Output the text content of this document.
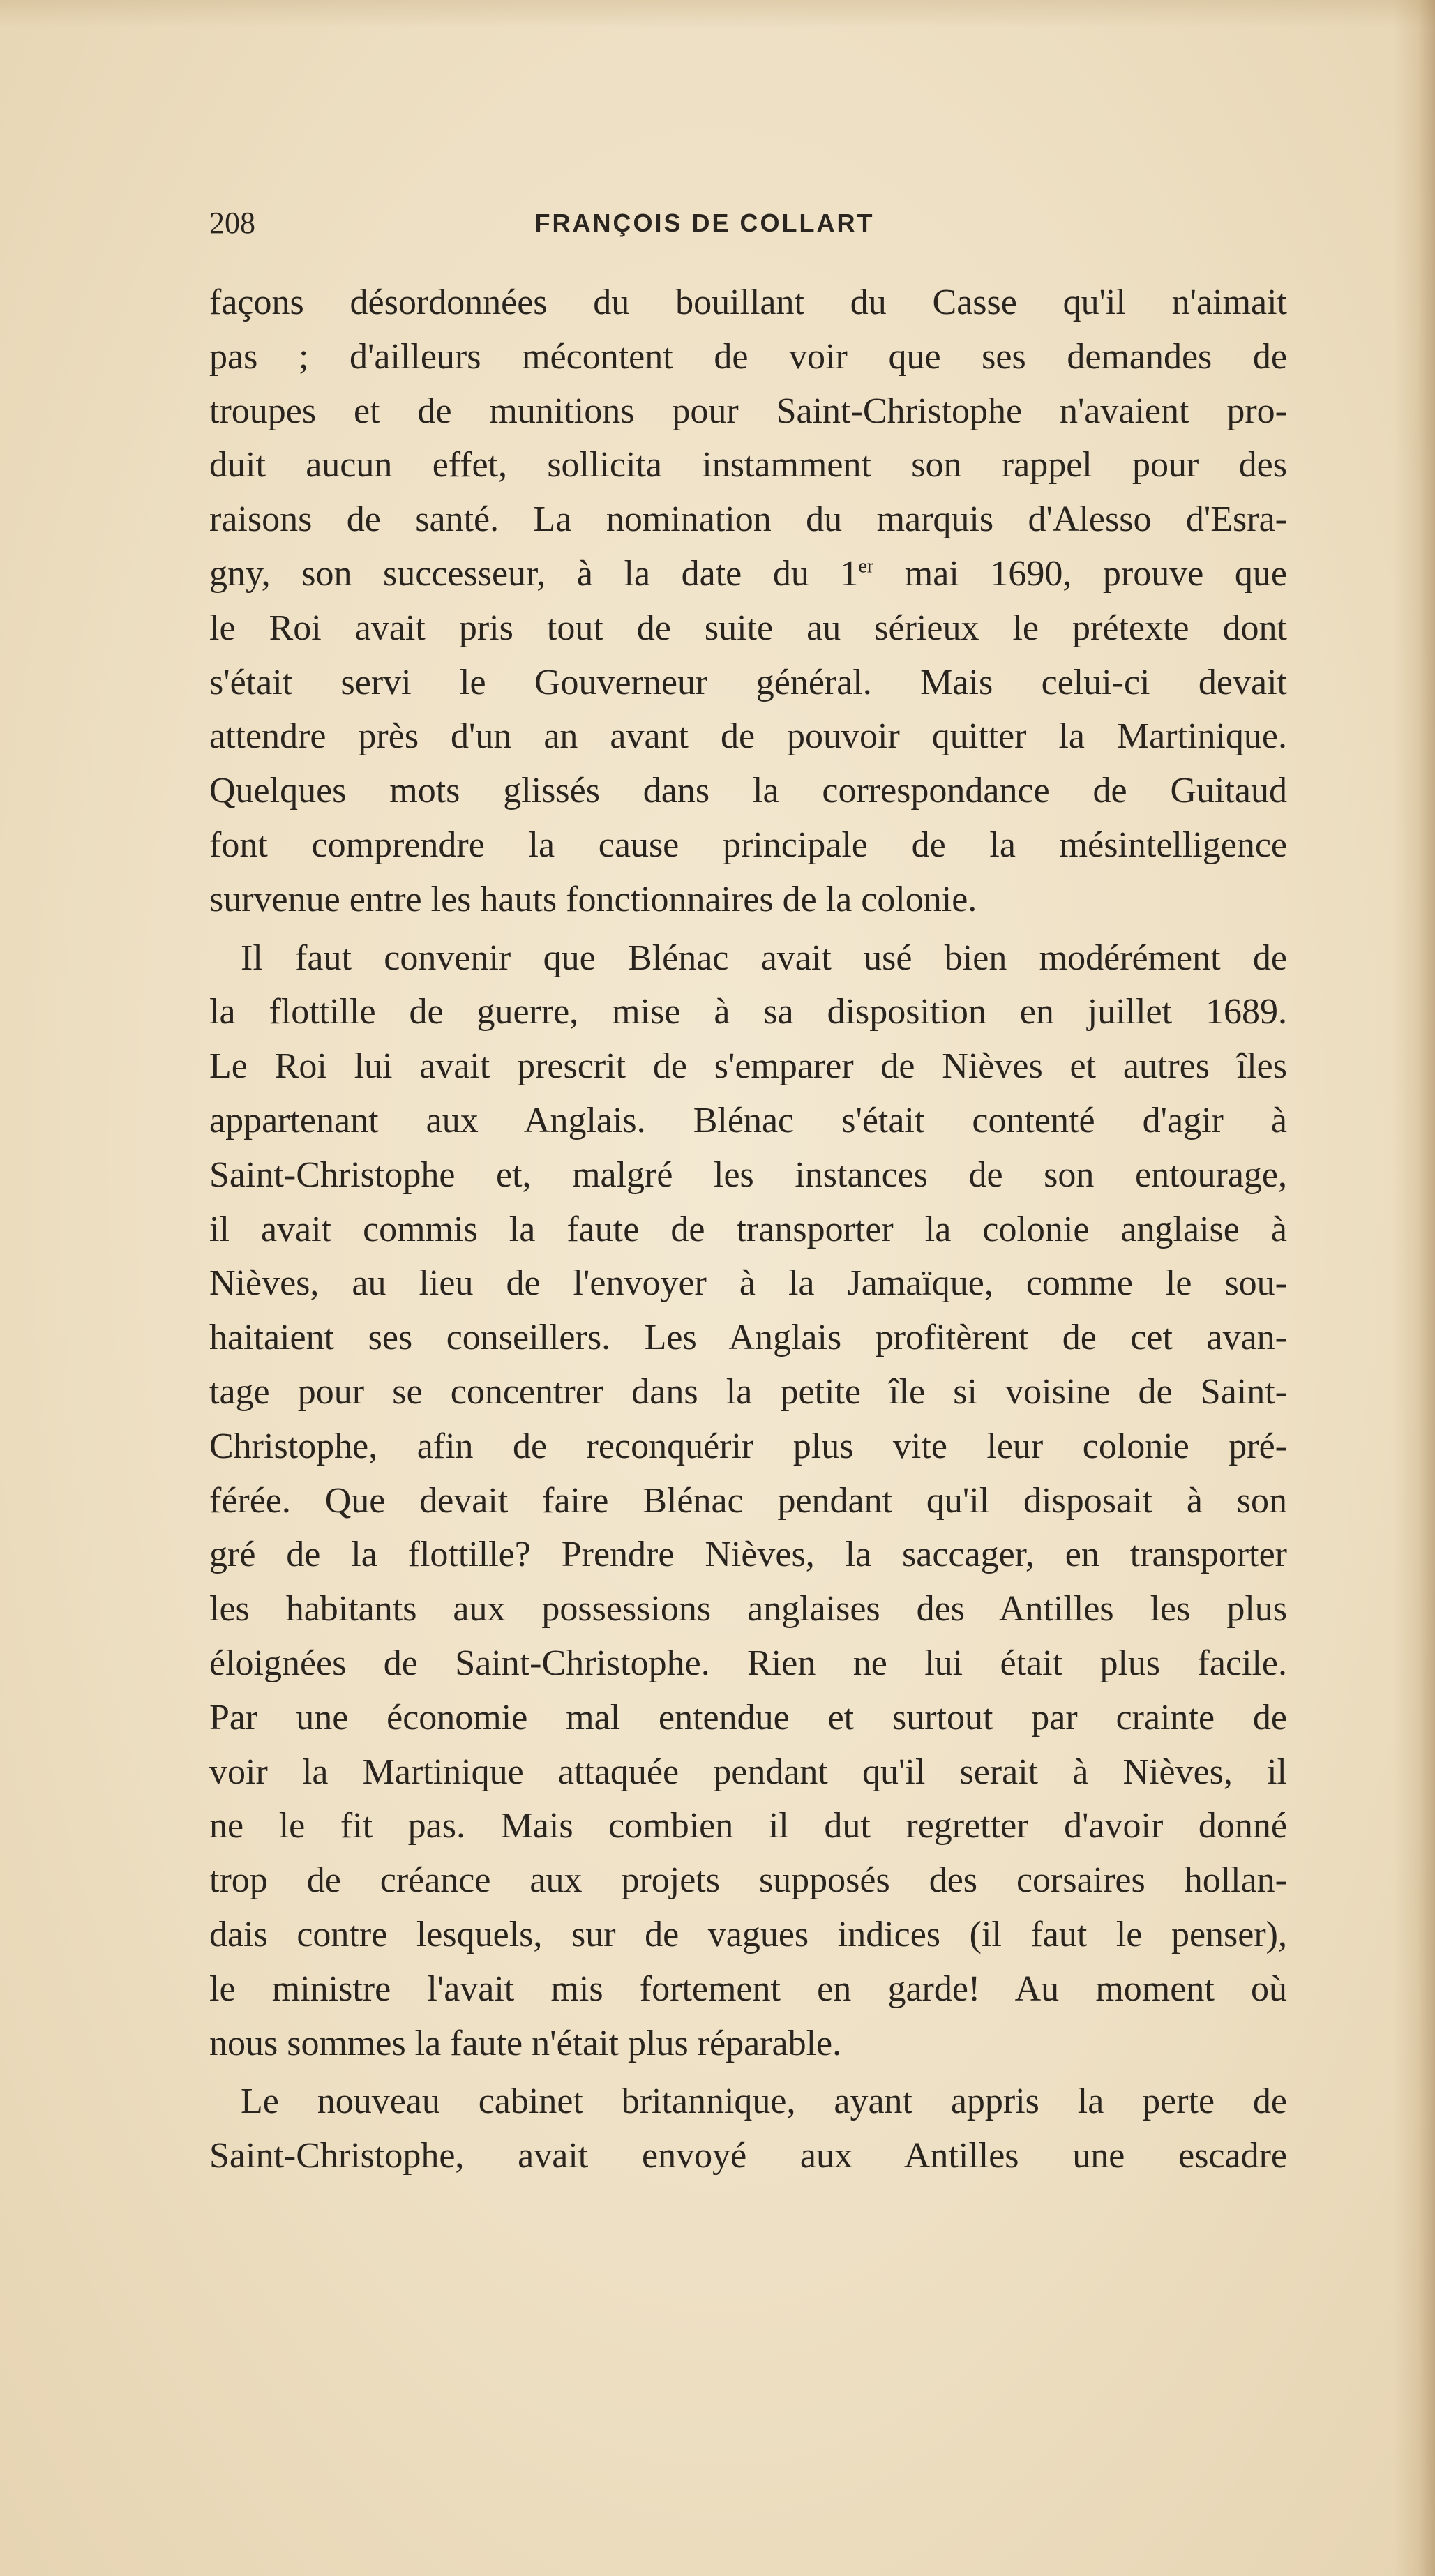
208	FRANÇOIS DE COLLART
façons désordonnées du bouillant du Casse qu'il n'aimait
pas ; d'ailleurs mécontent de voir que ses demandes de
troupes et de munitions pour Saint-Christophe n'avaient pro-
duit aucun effet, sollicita instamment son rappel pour des
raisons de santé. La nomination du marquis d'Alesso d'Esra-
gny, son successeur, à la date du 1er mai 1690, prouve que
le Roi avait pris tout de suite au sérieux le prétexte dont
s'était servi le Gouverneur général. Mais celui-ci devait
attendre près d'un an avant de pouvoir quitter la Martinique.
Quelques mots glissés dans la correspondance de Guitaud
font comprendre la cause principale de la mésintelligence
survenue entre les hauts fonctionnaires de la colonie.
Il faut convenir que Blénac avait usé bien modérément de
la flottille de guerre, mise à sa disposition en juillet 1689.
Le Roi lui avait prescrit de s'emparer de Nièves et autres îles
appartenant aux Anglais. Blénac s'était contenté d'agir à
Saint-Christophe et, malgré les instances de son entourage,
il avait commis la faute de transporter la colonie anglaise à
Nièves, au lieu de l'envoyer à la Jamaïque, comme le sou-
haitaient ses conseillers. Les Anglais profitèrent de cet avan-
tage pour se concentrer dans la petite île si voisine de Saint-
Christophe, afin de reconquérir plus vite leur colonie pré-
férée. Que devait faire Blénac pendant qu'il disposait à son
gré de la flottille? Prendre Nièves, la saccager, en transporter
les habitants aux possessions anglaises des Antilles les plus
éloignées de Saint-Christophe. Rien ne lui était plus facile.
Par une économie mal entendue et surtout par crainte de
voir la Martinique attaquée pendant qu'il serait à Nièves, il
ne le fit pas. Mais combien il dut regretter d'avoir donné
trop de créance aux projets supposés des corsaires hollan-
dais contre lesquels, sur de vagues indices (il faut le penser),
le ministre l'avait mis fortement en garde! Au moment où
nous sommes la faute n'était plus réparable.
Le nouveau cabinet britannique, ayant appris la perte de
Saint-Christophe, avait envoyé aux Antilles une escadre
